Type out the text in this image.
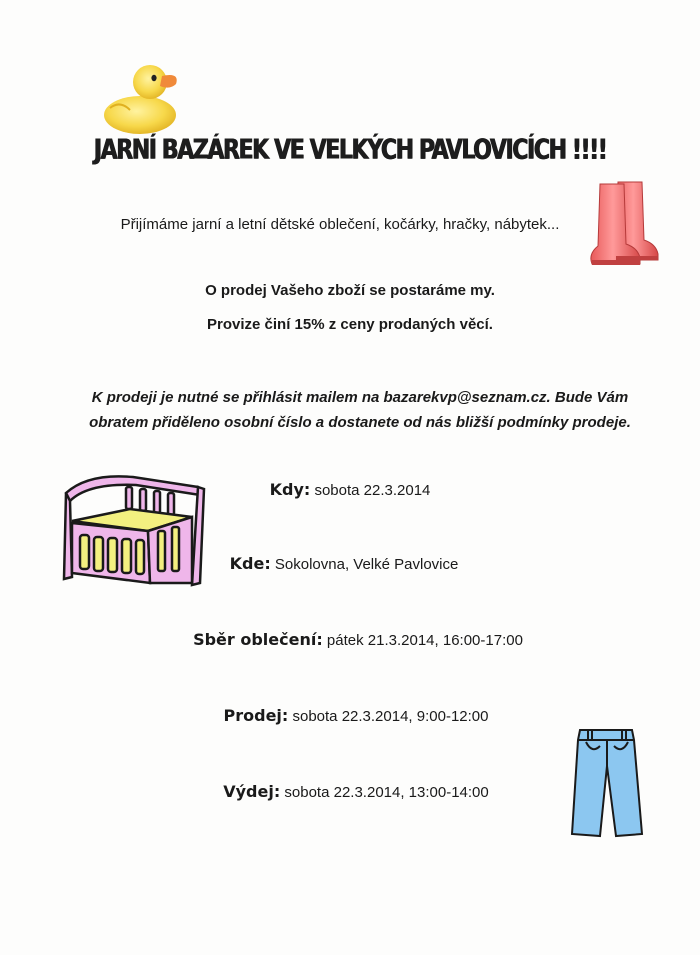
JARNÍ BAZÁREK VE VELKÝCH PAVLOVICÍCH !!!!
Přijímáme jarní a letní dětské oblečení, kočárky, hračky, nábytek...
O prodej Vašeho zboží se postaráme my.
Provize činí 15% z ceny prodaných věcí.
K prodeji je nutné se přihlásit mailem na bazarekvp@seznam.cz. Bude Vám
obratem přiděleno osobní číslo a dostanete od nás bližší podmínky prodeje.
Kdy: sobota 22.3.2014
Kde: Sokolovna, Velké Pavlovice
Sběr oblečení: pátek 21.3.2014, 16:00-17:00
Prodej: sobota 22.3.2014, 9:00-12:00
Výdej: sobota 22.3.2014, 13:00-14:00
